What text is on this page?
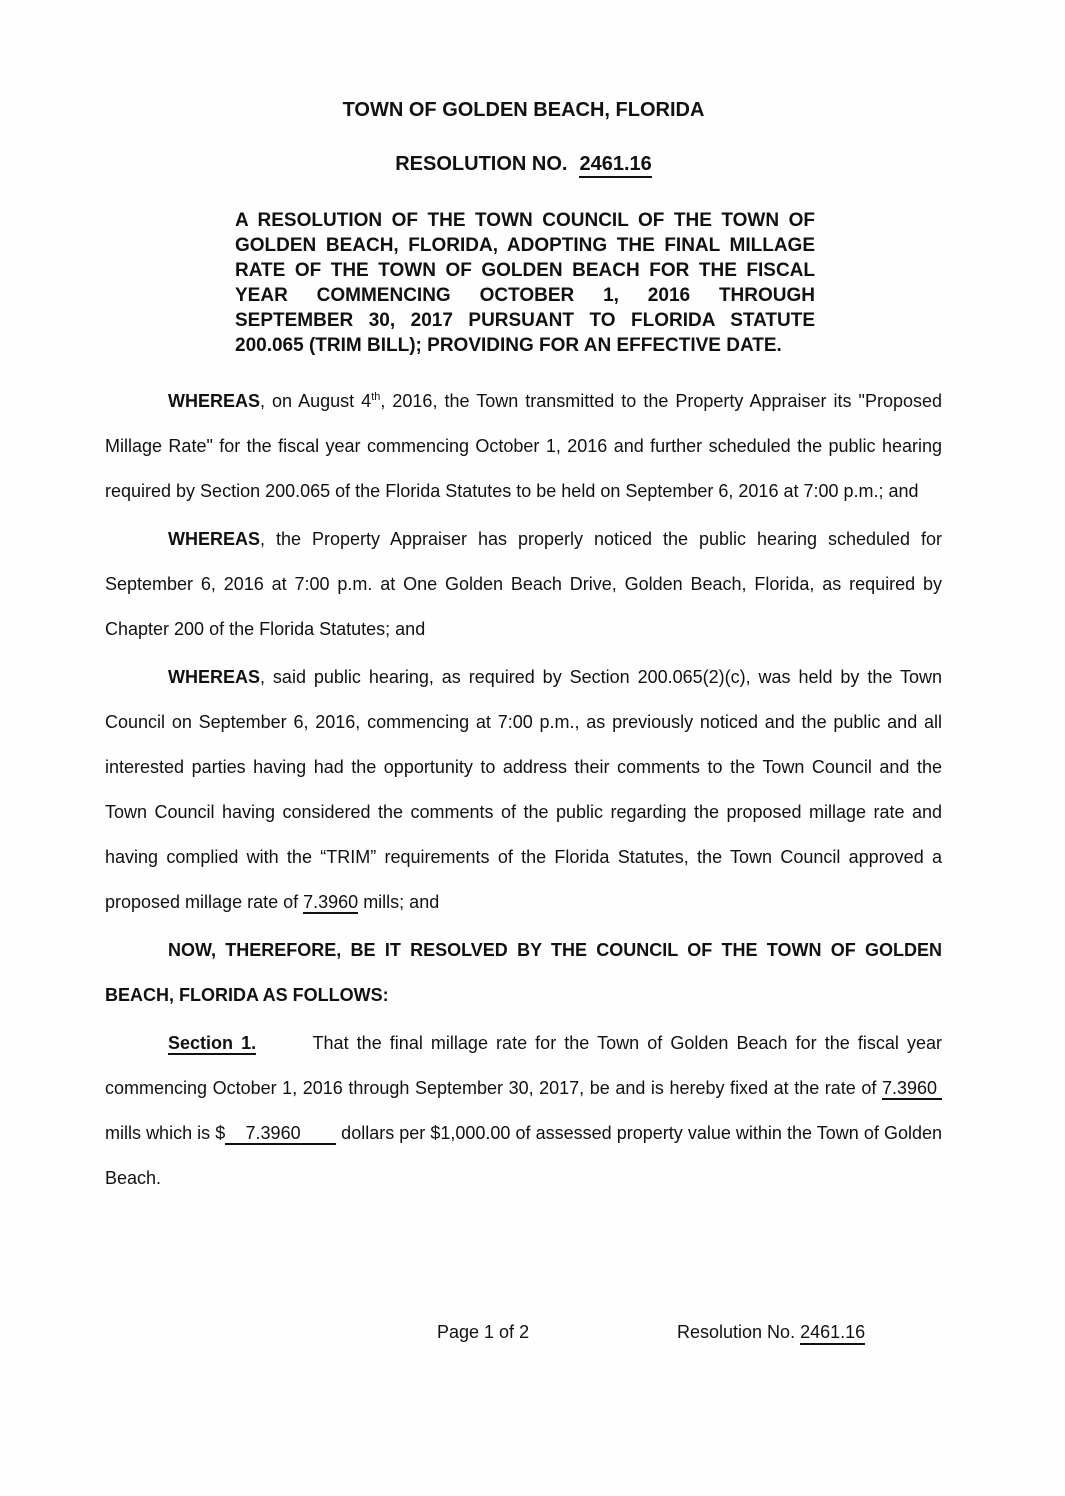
TOWN OF GOLDEN BEACH, FLORIDA
RESOLUTION NO. 2461.16
A RESOLUTION OF THE TOWN COUNCIL OF THE TOWN OF GOLDEN BEACH, FLORIDA, ADOPTING THE FINAL MILLAGE RATE OF THE TOWN OF GOLDEN BEACH FOR THE FISCAL YEAR COMMENCING OCTOBER 1, 2016 THROUGH SEPTEMBER 30, 2017 PURSUANT TO FLORIDA STATUTE 200.065 (TRIM BILL); PROVIDING FOR AN EFFECTIVE DATE.

WHEREAS, on August 4th, 2016, the Town transmitted to the Property Appraiser its "Proposed Millage Rate" for the fiscal year commencing October 1, 2016 and further scheduled the public hearing required by Section 200.065 of the Florida Statutes to be held on September 6, 2016 at 7:00 p.m.; and

WHEREAS, the Property Appraiser has properly noticed the public hearing scheduled for September 6, 2016 at 7:00 p.m. at One Golden Beach Drive, Golden Beach, Florida, as required by Chapter 200 of the Florida Statutes; and

WHEREAS, said public hearing, as required by Section 200.065(2)(c), was held by the Town Council on September 6, 2016, commencing at 7:00 p.m., as previously noticed and the public and all interested parties having had the opportunity to address their comments to the Town Council and the Town Council having considered the comments of the public regarding the proposed millage rate and having complied with the “TRIM” requirements of the Florida Statutes, the Town Council approved a proposed millage rate of 7.3960 mills; and

NOW, THEREFORE, BE IT RESOLVED BY THE COUNCIL OF THE TOWN OF GOLDEN BEACH, FLORIDA AS FOLLOWS:

Section 1.       That the final millage rate for the Town of Golden Beach for the fiscal year commencing October 1, 2016 through September 30, 2017, be and is hereby fixed at the rate of 7.3960  mills which is $    7.3960        dollars per $1,000.00 of assessed property value within the Town of Golden Beach.

Page 1 of 2	Resolution No. 2461.16
